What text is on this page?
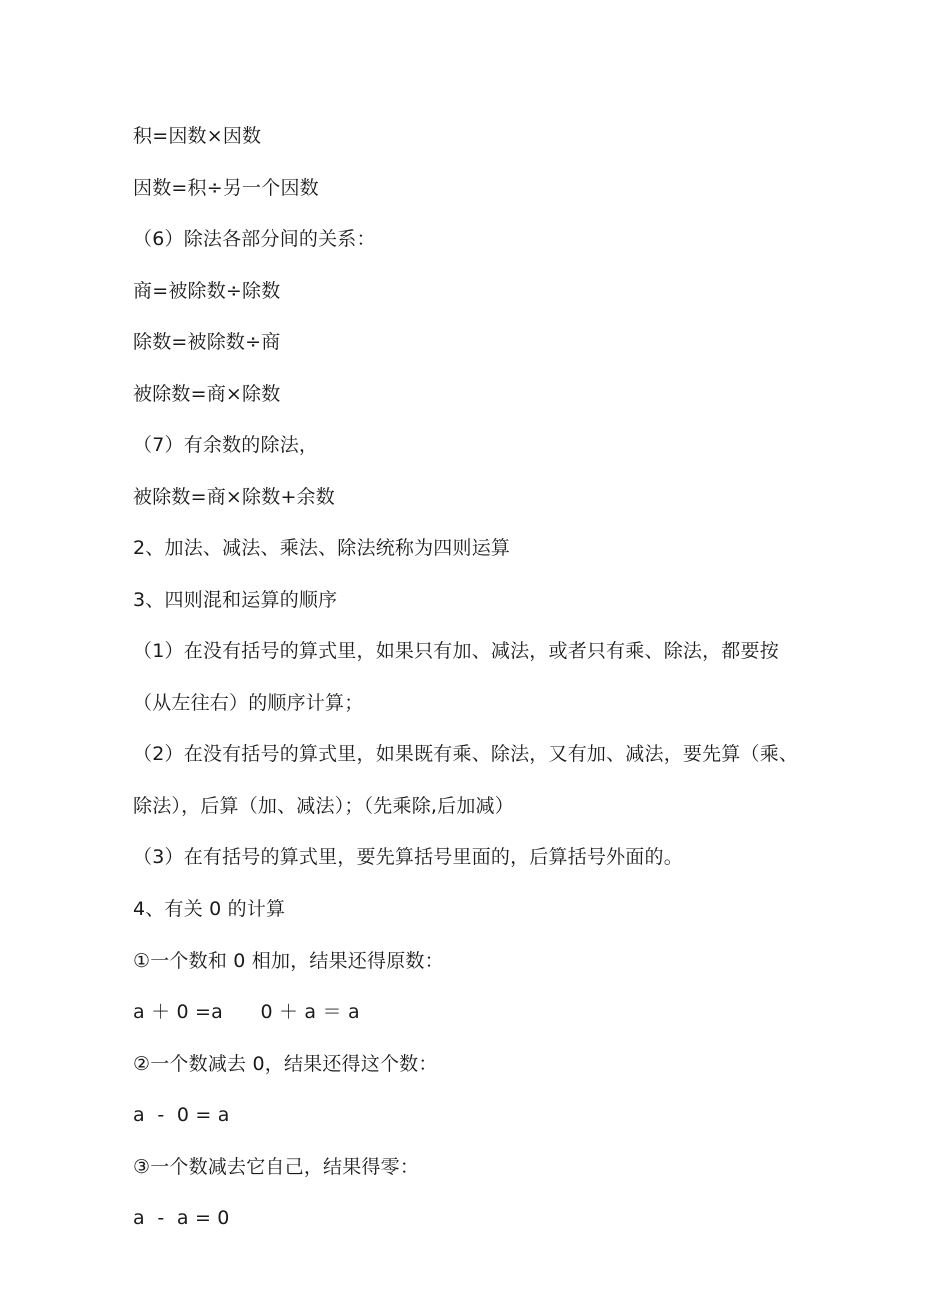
积=因数×因数
因数=积÷另一个因数
（6）除法各部分间的关系：
商=被除数÷除数
除数=被除数÷商
被除数=商×除数
（7）有余数的除法，
被除数=商×除数+余数
2、加法、减法、乘法、除法统称为四则运算
3、四则混和运算的顺序
（1）在没有括号的算式里，如果只有加、减法，或者只有乘、除法，都要按
（从左往右）的顺序计算；
（2）在没有括号的算式里，如果既有乘、除法，又有加、减法，要先算（乘、
除法），后算（加、减法）；（先乘除,后加减）
（3）在有括号的算式里，要先算括号里面的，后算括号外面的。
4、有关 0 的计算
①一个数和 0 相加，结果还得原数：
a ＋ 0 =a      0 ＋ a ＝ a
②一个数减去 0，结果还得这个数：
a  -  0 = a
③一个数减去它自己，结果得零：
a  -  a = 0
